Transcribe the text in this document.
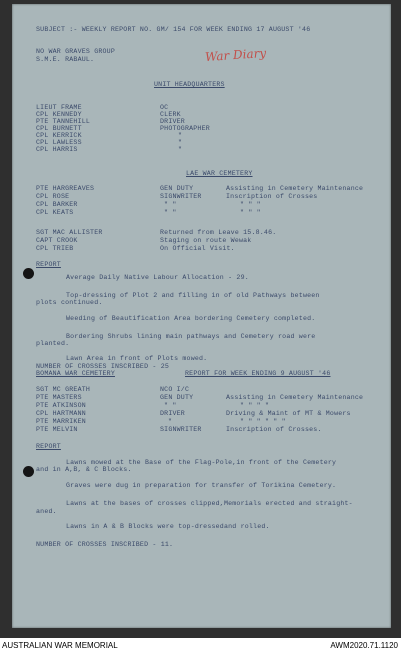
SUBJECT :- WEEKLY REPORT NO. GM/ 154 FOR WEEK ENDING 17 AUGUST '46
NO WAR GRAVES GROUP
S.M.E. RABAUL.	War Diary
UNIT HEADQUARTERS
LIEUT FRAME	OC
CPL KENNEDY	CLERK
PTE TANNEHILL	DRIVER
CPL BURNETT	PHOTOGRAPHER
CPL KERRICK	"
CPL LAWLESS	"
CPL HARRIS	"
LAE WAR CEMETERY
PTE HARGREAVES	GEN DUTY	Assisting in Cemetery Maintenance
CPL ROSE	SIGNWRITER	Inscription of Crosses
CPL BARKER	" "	" " "
CPL KEATS	" "	" " "
SGT MAC ALLISTER	Returned from Leave 15.8.46.
CAPT CROOK	Staging on route Wewak
CPL TRIEB	On Official Visit.
REPORT
Average Daily Native Labour Allocation - 29.
Top-dressing of Plot 2 and filling in of old Pathways between
plots continued.
Weeding of Beautification Area bordering Cemetery completed.
Bordering Shrubs lining main pathways and Cemetery road were
planted.
Lawn Area in front of Plots mowed.
NUMBER OF CROSSES INSCRIBED - 25
BOMANA WAR CEMETERY	REPORT FOR WEEK ENDING 9 AUGUST '46
SGT MC GREATH	NCO I/C
PTE MASTERS	GEN DUTY	Assisting in Cemetery Maintenance
PTE ATKINSON	" "	" " " "
CPL HARTMANN	DRIVER	Driving & Maint of MT & Mowers
PTE MARRIKEN	"	" " " " " "
PTE MELVIN	SIGNWRITER	Inscription of Crosses.
REPORT
Lawns mowed at the Base of the Flag-Pole,in front of the Cemetery
and in A,B, & C Blocks.
Graves were dug in preparation for transfer of Torikina Cemetery.
Lawns at the bases of crosses clipped,Memorials erected and straight-
aned.
Lawns in A & B Blocks were top-dressedand rolled.
NUMBER OF CROSSES INSCRIBED - 11.
AUSTRALIAN WAR MEMORIAL	AWM2020.71.1120
